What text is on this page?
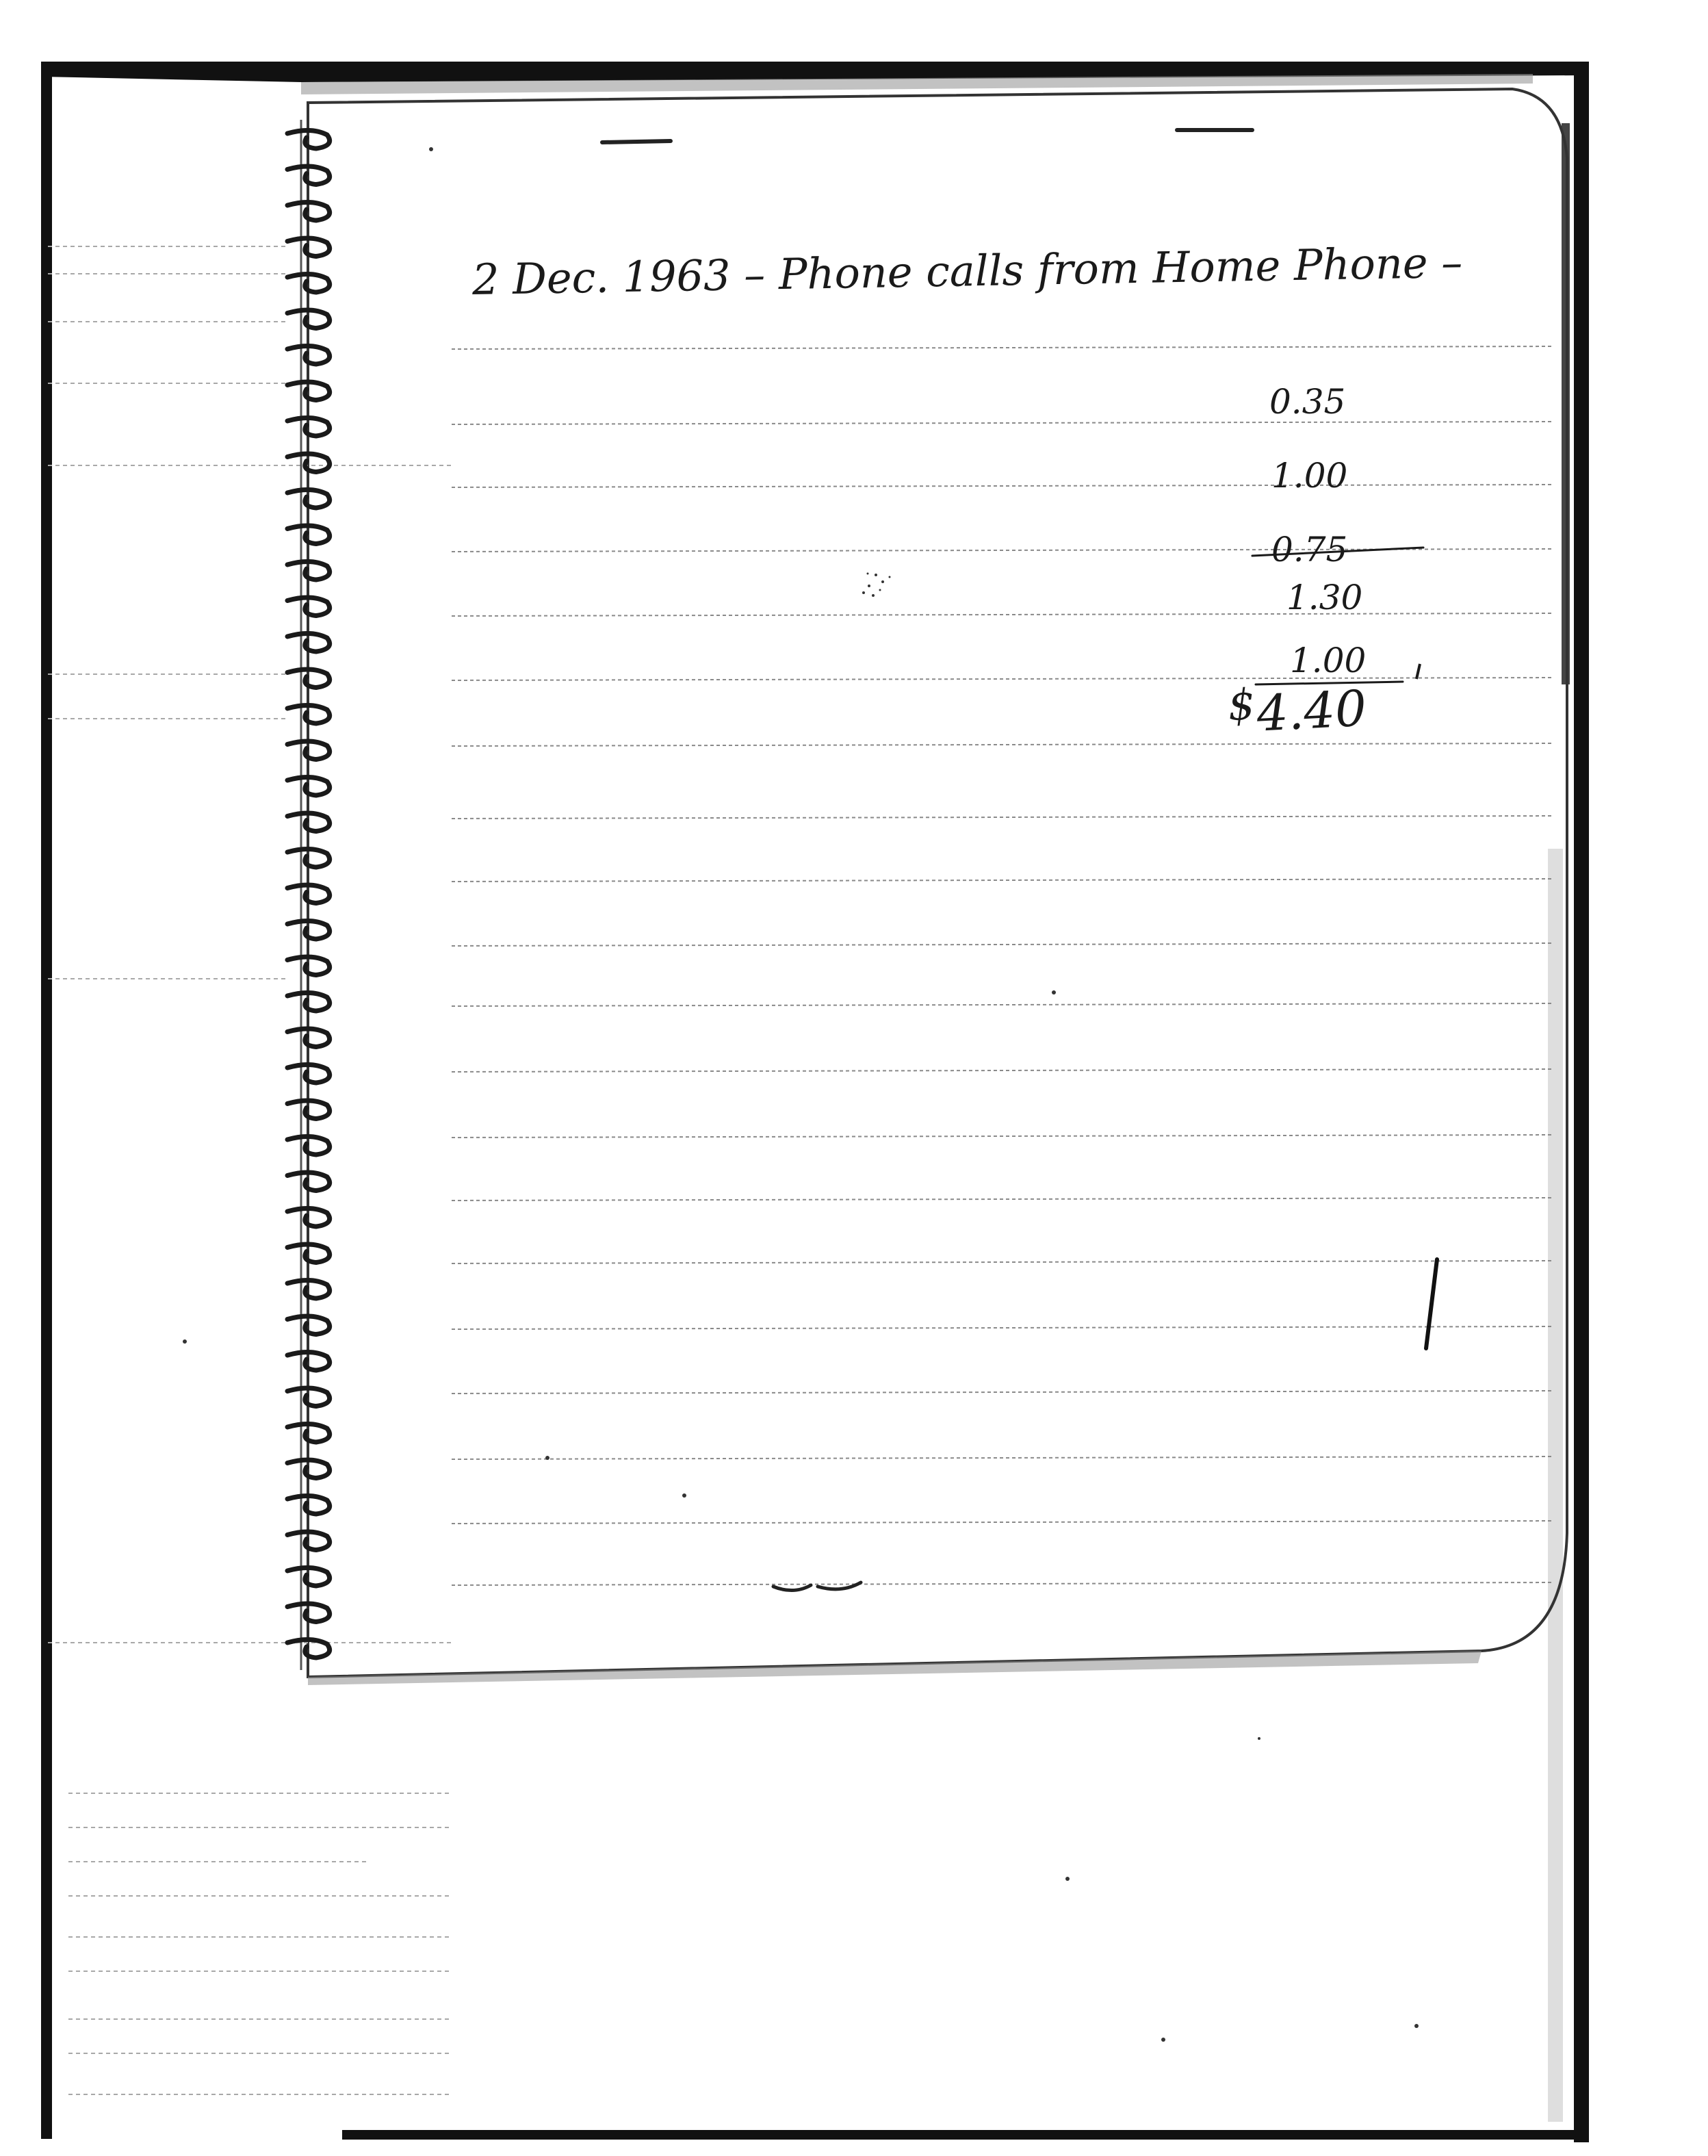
2 Dec. 1963 – Phone calls from Home Phone –

0.35

1.00

0.75

1.30

1.00

$4.40
